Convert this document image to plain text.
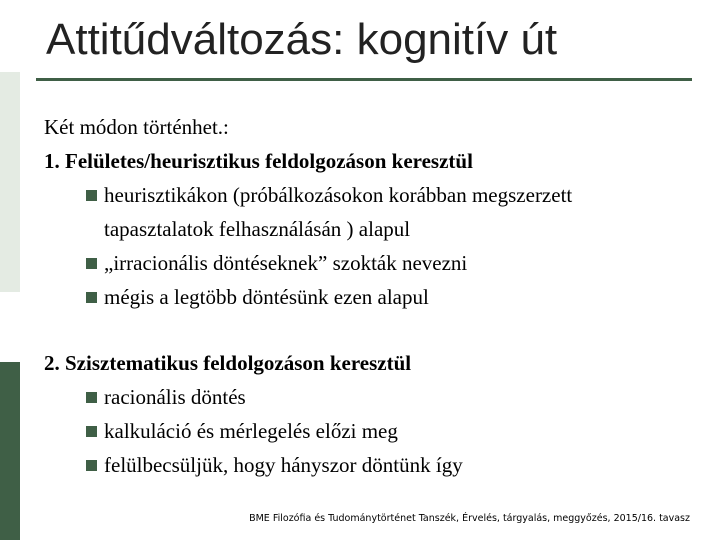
Attitűdváltozás: kognitív út
Két módon történhet.:
1. Felületes/heurisztikus feldolgozáson keresztül
heurisztikákon (próbálkozásokon korábban megszerzett
tapasztalatok felhasználásán ) alapul
„irracionális döntéseknek” szokták nevezni
mégis a legtöbb döntésünk ezen alapul
2. Szisztematikus feldolgozáson keresztül
racionális döntés
kalkuláció és mérlegelés előzi meg
felülbecsüljük, hogy hányszor döntünk így
BME Filozófia és Tudománytörténet Tanszék, Érvelés, tárgyalás, meggyőzés, 2015/16. tavasz
